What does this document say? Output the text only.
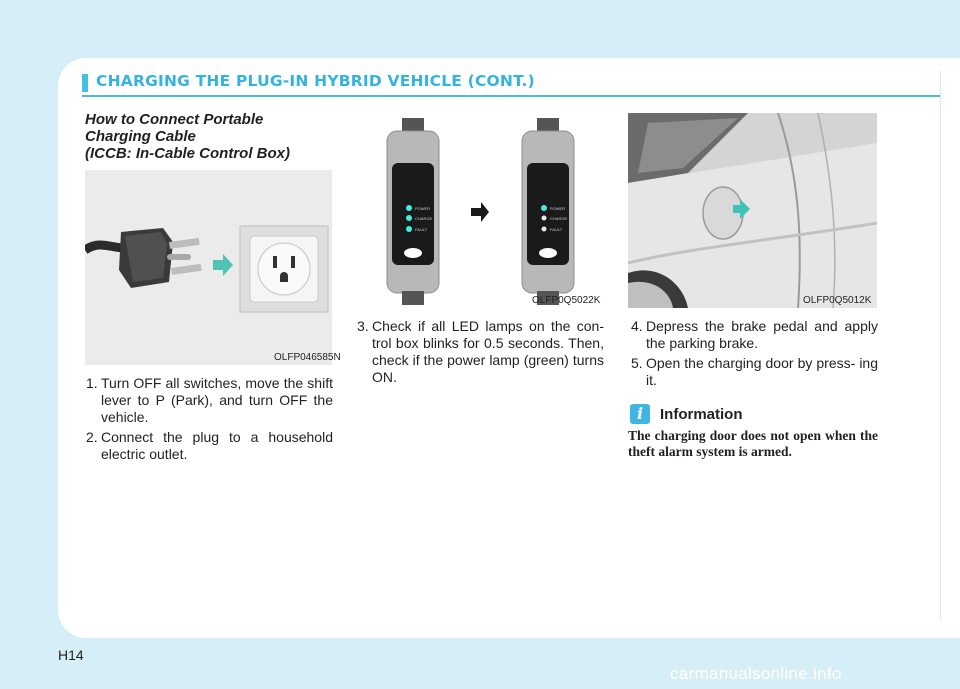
CHARGING THE PLUG-IN HYBRID VEHICLE (CONT.)
How to Connect Portable
Charging Cable
(ICCB: In-Cable Control Box)
OLFP046585N
POWER
CHARGE
FAULT
POWER
CHARGE
FAULT
OLFP0Q5022K	OLFP0Q5012K
1. Turn OFF all switches, move the shift lever to P (Park), and turn OFF the vehicle.
2. Connect the plug to a household electric outlet.
3. Check if all LED lamps on the con- trol box blinks for 0.5 seconds. Then, check if the power lamp (green) turns ON.
4. Depress the brake pedal and apply the parking brake.
5. Open the charging door by press- ing it.
i	Information
The charging door does not open when the theft alarm system is armed.
H14
carmanualsonline.info
